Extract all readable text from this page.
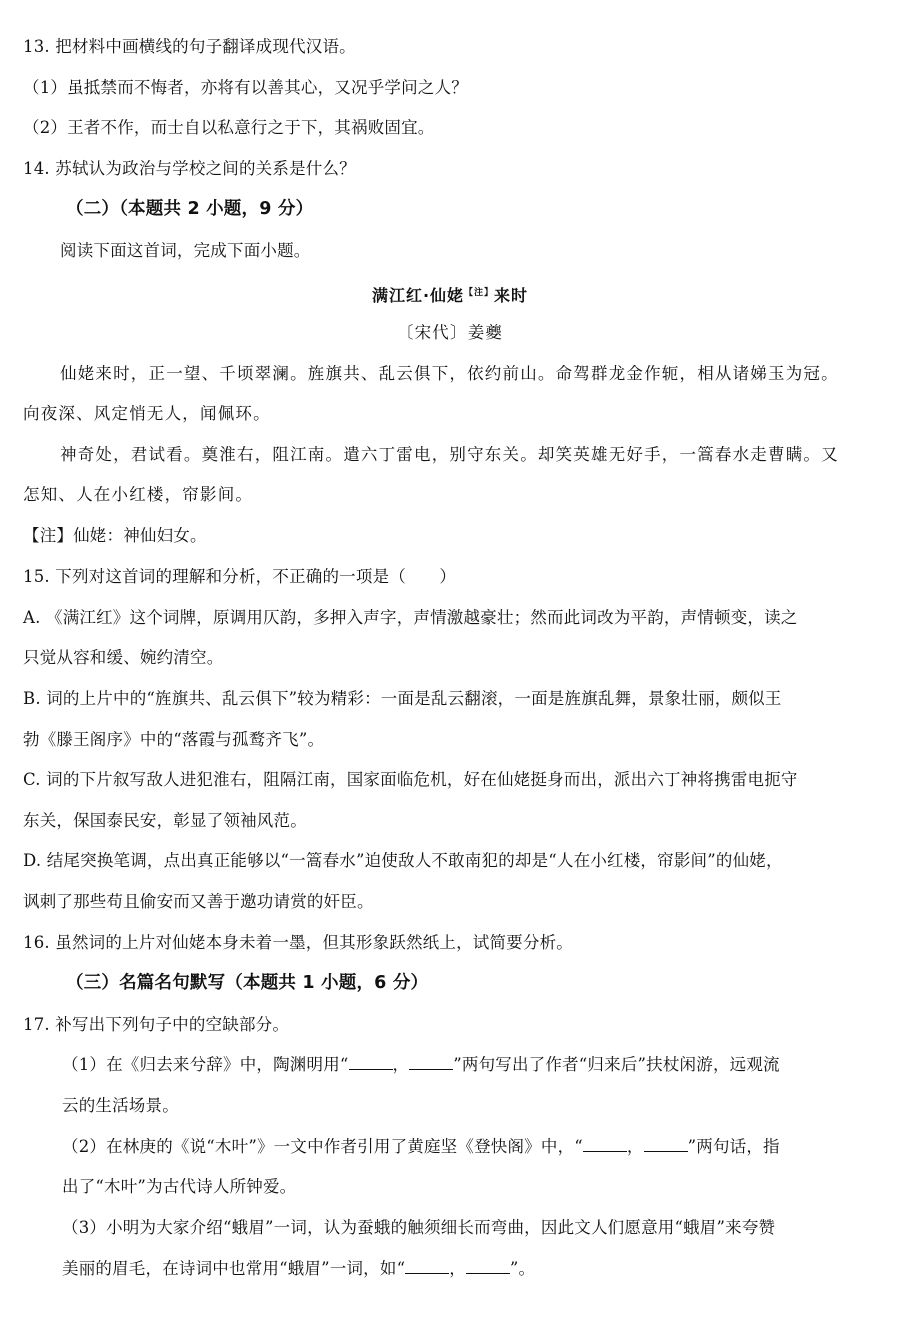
13. 把材料中画横线的句子翻译成现代汉语。
（1）虽抵禁而不悔者，亦将有以善其心，又况乎学问之人？
（2）王者不作，而士自以私意行之于下，其祸败固宜。
14. 苏轼认为政治与学校之间的关系是什么？
（二）（本题共 2 小题，9 分）
阅读下面这首词，完成下面小题。
满江红·仙姥$^{【注】}$来时
〔宋代〕姜夔
仙姥来时，正一望、千顷翠澜。旌旗共、乱云俱下，依约前山。命驾群龙金作轭，相从诸娣玉为冠。
向夜深、风定悄无人，闻佩环。
神奇处，君试看。奠淮右，阻江南。遣六丁雷电，别守东关。却笑英雄无好手，一篙春水走曹瞒。又
怎知、人在小红楼，帘影间。
【注】仙姥：神仙妇女。
15. 下列对这首词的理解和分析，不正确的一项是（　　）
A. 《满江红》这个词牌，原调用仄韵，多押入声字，声情激越豪壮；然而此词改为平韵，声情顿变，读之
只觉从容和缓、婉约清空。
B. 词的上片中的“旌旗共、乱云俱下”较为精彩：一面是乱云翻滚，一面是旌旗乱舞，景象壮丽，颇似王
勃《滕王阁序》中的“落霞与孤鹜齐飞”。
C. 词的下片叙写敌人进犯淮右，阻隔江南，国家面临危机，好在仙姥挺身而出，派出六丁神将携雷电扼守
东关，保国泰民安，彰显了领袖风范。
D. 结尾突换笔调，点出真正能够以“一篙春水”迫使敌人不敢南犯的却是“人在小红楼，帘影间”的仙姥，
讽刺了那些苟且偷安而又善于邀功请赏的奸臣。
16. 虽然词的上片对仙姥本身未着一墨，但其形象跃然纸上，试简要分析。
（三）名篇名句默写（本题共 1 小题，6 分）
17. 补写出下列句子中的空缺部分。
（1）在《归去来兮辞》中，陶渊明用“	，	”两句写出了作者“归来后”扶杖闲游，远观流
云的生活场景。
（2）在林庚的《说“木叶”》一文中作者引用了黄庭坚《登快阁》中，“	，	”两句话，指
出了“木叶”为古代诗人所钟爱。
（3）小明为大家介绍“蛾眉”一词，认为蚕蛾的触须细长而弯曲，因此文人们愿意用“蛾眉”来夸赞
美丽的眉毛，在诗词中也常用“蛾眉”一词，如“	，	”。
